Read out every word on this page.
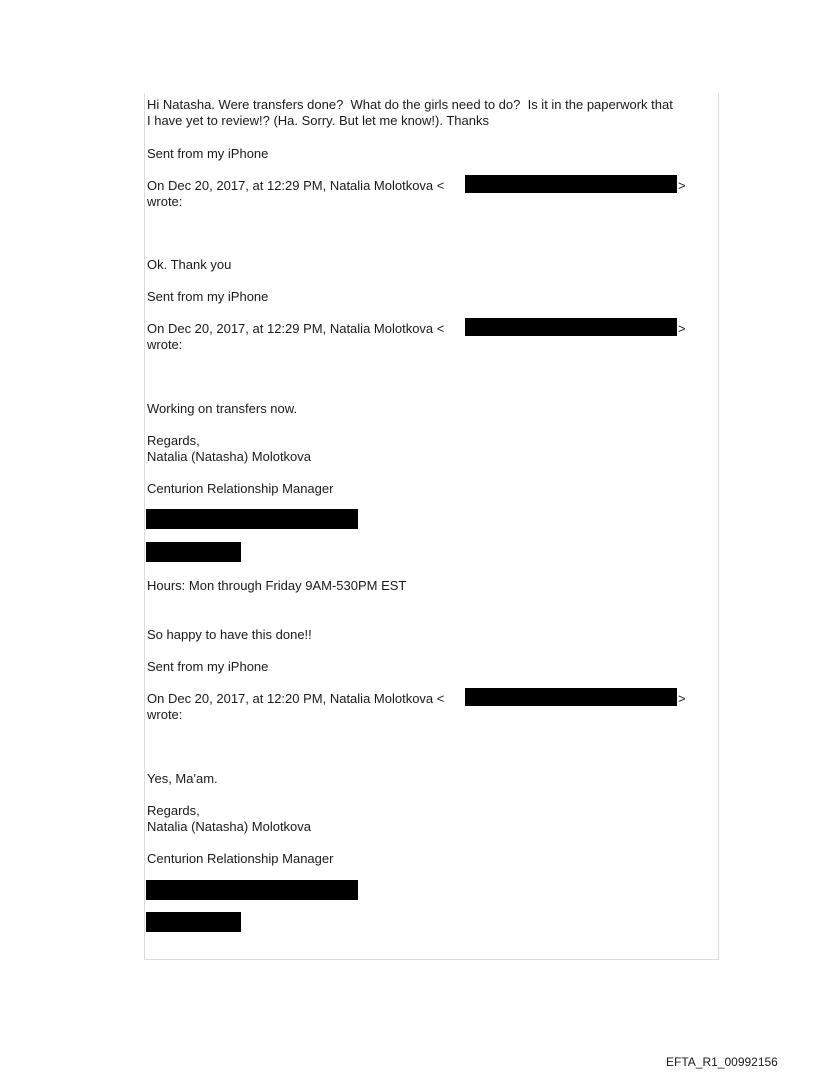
Hi Natasha. Were transfers done?  What do the girls need to do?  Is it in the paperwork that
I have yet to review!? (Ha. Sorry. But let me know!). Thanks
Sent from my iPhone
On Dec 20, 2017, at 12:29 PM, Natalia Molotkova <	>
wrote:
Ok. Thank you
Sent from my iPhone
On Dec 20, 2017, at 12:29 PM, Natalia Molotkova <	>
wrote:
Working on transfers now.
Regards,
Natalia (Natasha) Molotkova
Centurion Relationship Manager
Hours: Mon through Friday 9AM-530PM EST
So happy to have this done!!
Sent from my iPhone
On Dec 20, 2017, at 12:20 PM, Natalia Molotkova <	>
wrote:
Yes, Ma'am.
Regards,
Natalia (Natasha) Molotkova
Centurion Relationship Manager
EFTA_R1_00992156
